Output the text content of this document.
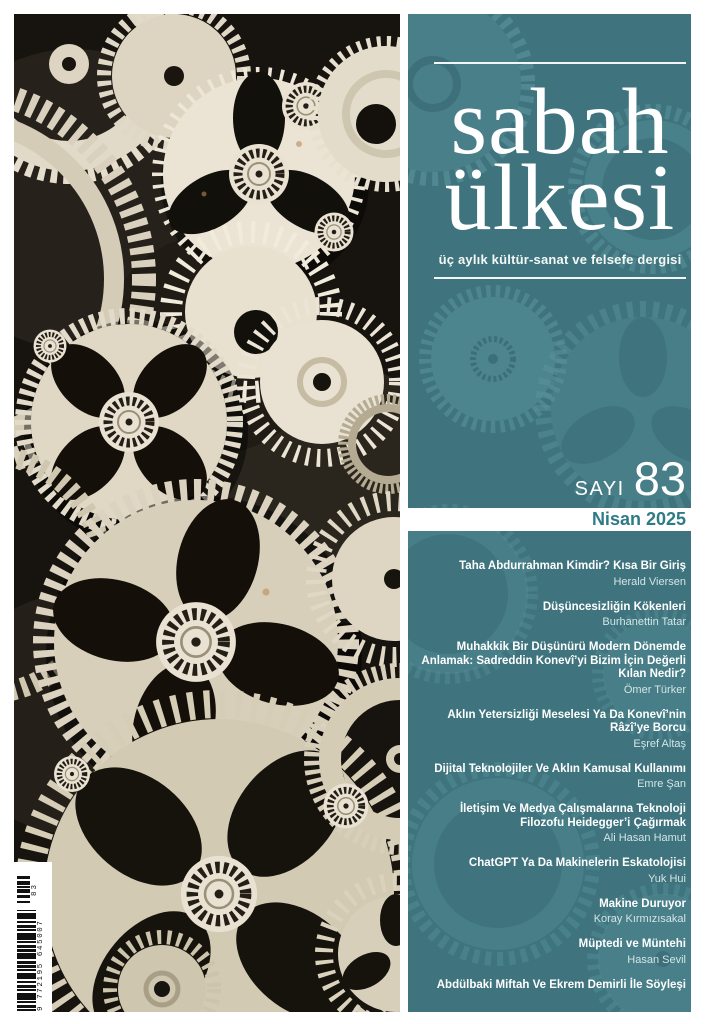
9 772195 645007
83
sabah
ülkesi
üç aylık kültür-sanat ve felsefe dergisi
SAYI 83
Nisan 2025
Taha Abdurrahman Kimdir? Kısa Bir Giriş
Herald Viersen
Düşüncesizliğin Kökenleri
Burhanettin Tatar
Muhakkik Bir Düşünürü Modern Dönemde Anlamak: Sadreddin Konevî’yi Bizim İçin Değerli Kılan Nedir?
Ömer Türker
Aklın Yetersizliği Meselesi Ya Da Konevî’nin Râzî’ye Borcu
Eşref Altaş
Dijital Teknolojiler Ve Aklın Kamusal Kullanımı
Emre Şan
İletişim Ve Medya Çalışmalarına Teknoloji Filozofu Heidegger’i Çağırmak
Ali Hasan Hamut
ChatGPT Ya Da Makinelerin Eskatolojisi
Yuk Hui
Makine Duruyor
Koray Kırmızısakal
Müptedi ve Müntehi
Hasan Sevil
Abdülbaki Miftah Ve Ekrem Demirli İle Söyleşi
